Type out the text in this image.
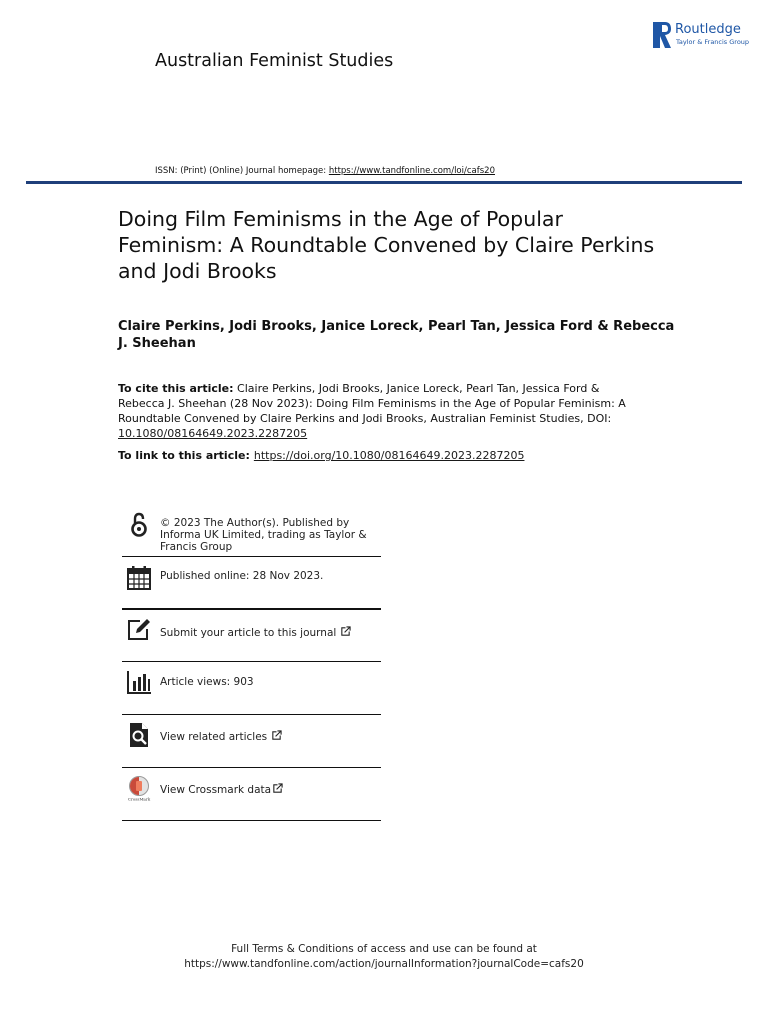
Routledge
Taylor & Francis Group
Australian Feminist Studies
ISSN: (Print) (Online) Journal homepage: https://www.tandfonline.com/loi/cafs20
Doing Film Feminisms in the Age of Popular Feminism: A Roundtable Convened by Claire Perkins and Jodi Brooks
Claire Perkins, Jodi Brooks, Janice Loreck, Pearl Tan, Jessica Ford & Rebecca J. Sheehan
To cite this article: Claire Perkins, Jodi Brooks, Janice Loreck, Pearl Tan, Jessica Ford & Rebecca J. Sheehan (28 Nov 2023): Doing Film Feminisms in the Age of Popular Feminism: A Roundtable Convened by Claire Perkins and Jodi Brooks, Australian Feminist Studies, DOI: 10.1080/08164649.2023.2287205
To link to this article: https://doi.org/10.1080/08164649.2023.2287205
© 2023 The Author(s). Published by Informa UK Limited, trading as Taylor & Francis Group
Published online: 28 Nov 2023.
Submit your article to this journal
Article views: 903
View related articles
CrossMark
View Crossmark data
Full Terms & Conditions of access and use can be found at
https://www.tandfonline.com/action/journalInformation?journalCode=cafs20
